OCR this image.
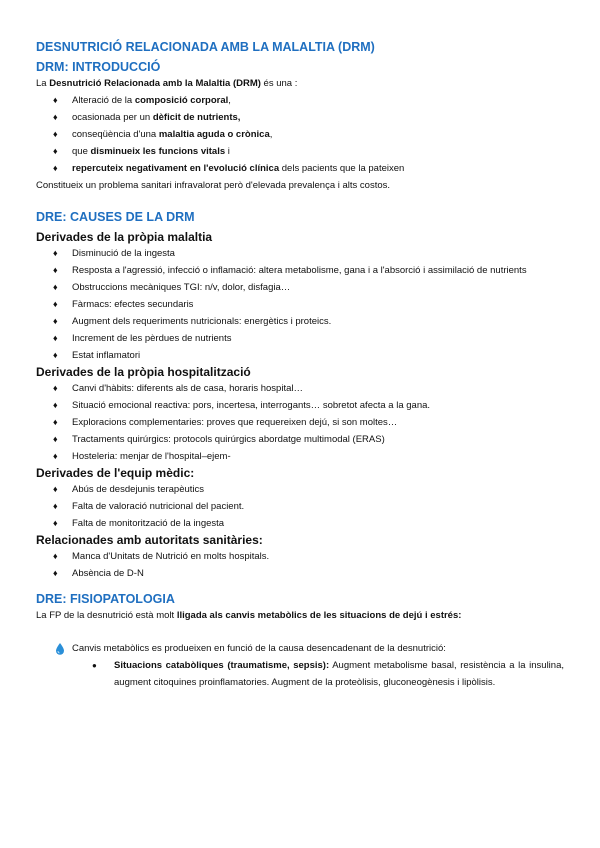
DESNUTRICIÓ RELACIONADA AMB LA MALALTIA (DRM)
DRM: INTRODUCCIÓ

La Desnutrició Relacionada amb la Malaltia (DRM) és una :

♦ Alteració de la composició corporal,
♦ ocasionada per un dèficit de nutrients,
♦ conseqüència d'una malaltia aguda o crònica,
♦ que disminueix les funcions vitals i
♦ repercuteix negativament en l'evolució clínica dels pacients que la pateixen

Constitueix un problema sanitari infravalorat però d'elevada prevalença i alts costos.

DRE: CAUSES DE LA DRM
Derivades de la pròpia malaltia
♦ Disminució de la ingesta
♦ Resposta a l'agressió, infecció o inflamació: altera metabolisme, gana i a l'absorció i assimilació de nutrients
♦ Obstruccions mecàniques TGI: n/v, dolor, disfagia…
♦ Fàrmacs: efectes secundaris
♦ Augment dels requeriments nutricionals: energètics i proteics.
♦ Increment de les pèrdues de nutrients
♦ Estat inflamatori
Derivades de la pròpia hospitalització
♦ Canvi d'hàbits: diferents als de casa, horaris hospital…
♦ Situació emocional reactiva: pors, incertesa, interrogants… sobretot afecta a la gana.
♦ Exploracions complementaries: proves que requereixen dejú, si son moltes…
♦ Tractaments quirúrgics: protocols quirúrgics abordatge multimodal (ERAS)
♦ Hosteleria: menjar de l'hospital–ejem-
Derivades de l'equip mèdic:
♦ Abús de desdejunis terapèutics
♦ Falta de valoració nutricional del pacient.
♦ Falta de monitorització de la ingesta
Relacionades amb autoritats sanitàries:
♦ Manca d'Unitats de Nutrició en molts hospitals.
♦ Absència de D-N
DRE: FISIOPATOLOGIA

La FP de la desnutrició està molt lligada als canvis metabòlics de les situacions de dejú i estrés:

Canvis metabòlics es produeixen en funció de la causa desencadenant de la desnutrició:
● Situacions catabòliques (traumatisme, sepsis): Augment metabolisme basal, resistència a la insulina, augment citoquines proinflamatories. Augment de la proteòlisis, gluconeogènesis i lipòlisis.
